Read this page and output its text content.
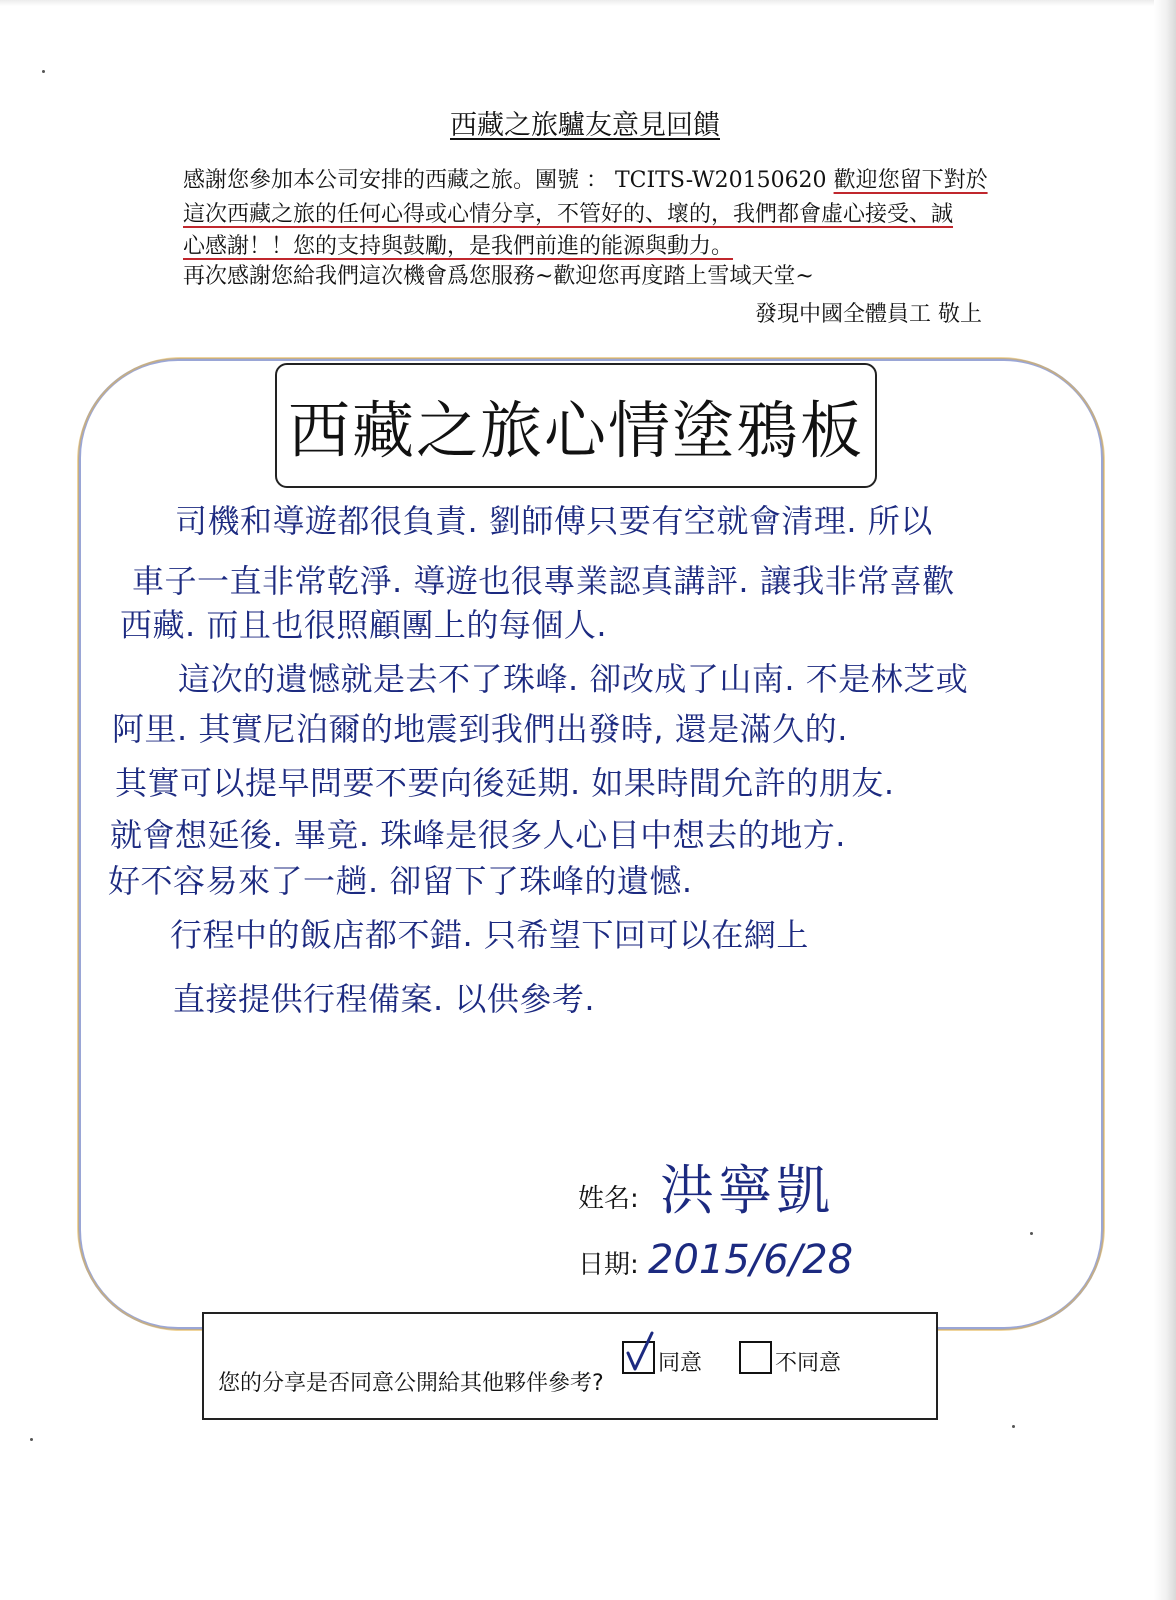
西藏之旅驢友意見回饋
感謝您參加本公司安排的西藏之旅。團號 ： TCITS-W20150620 歡迎您留下對於
這次西藏之旅的任何心得或心情分享，不管好的、壞的，我們都會虛心接受、誠
心感謝！！您的支持與鼓勵，是我們前進的能源與動力。
再次感謝您給我們這次機會爲您服務~歡迎您再度踏上雪域天堂~
發現中國全體員工 敬上
西藏之旅心情塗鴉板
司機和導遊都很負責. 劉師傅只要有空就會清理. 所以
車子一直非常乾淨. 導遊也很專業認真講評. 讓我非常喜歡
西藏. 而且也很照顧團上的每個人.
這次的遺憾就是去不了珠峰. 卻改成了山南. 不是林芝或
阿里. 其實尼泊爾的地震到我們出發時, 還是滿久的.
其實可以提早問要不要向後延期. 如果時間允許的朋友.
就會想延後. 畢竟. 珠峰是很多人心目中想去的地方.
好不容易來了一趟. 卻留下了珠峰的遺憾.
行程中的飯店都不錯. 只希望下回可以在網上
直接提供行程備案. 以供參考.
姓名: 洪寧凱
日期: 2015/6/28
您的分享是否同意公開給其他夥伴參考?
同意	不同意
